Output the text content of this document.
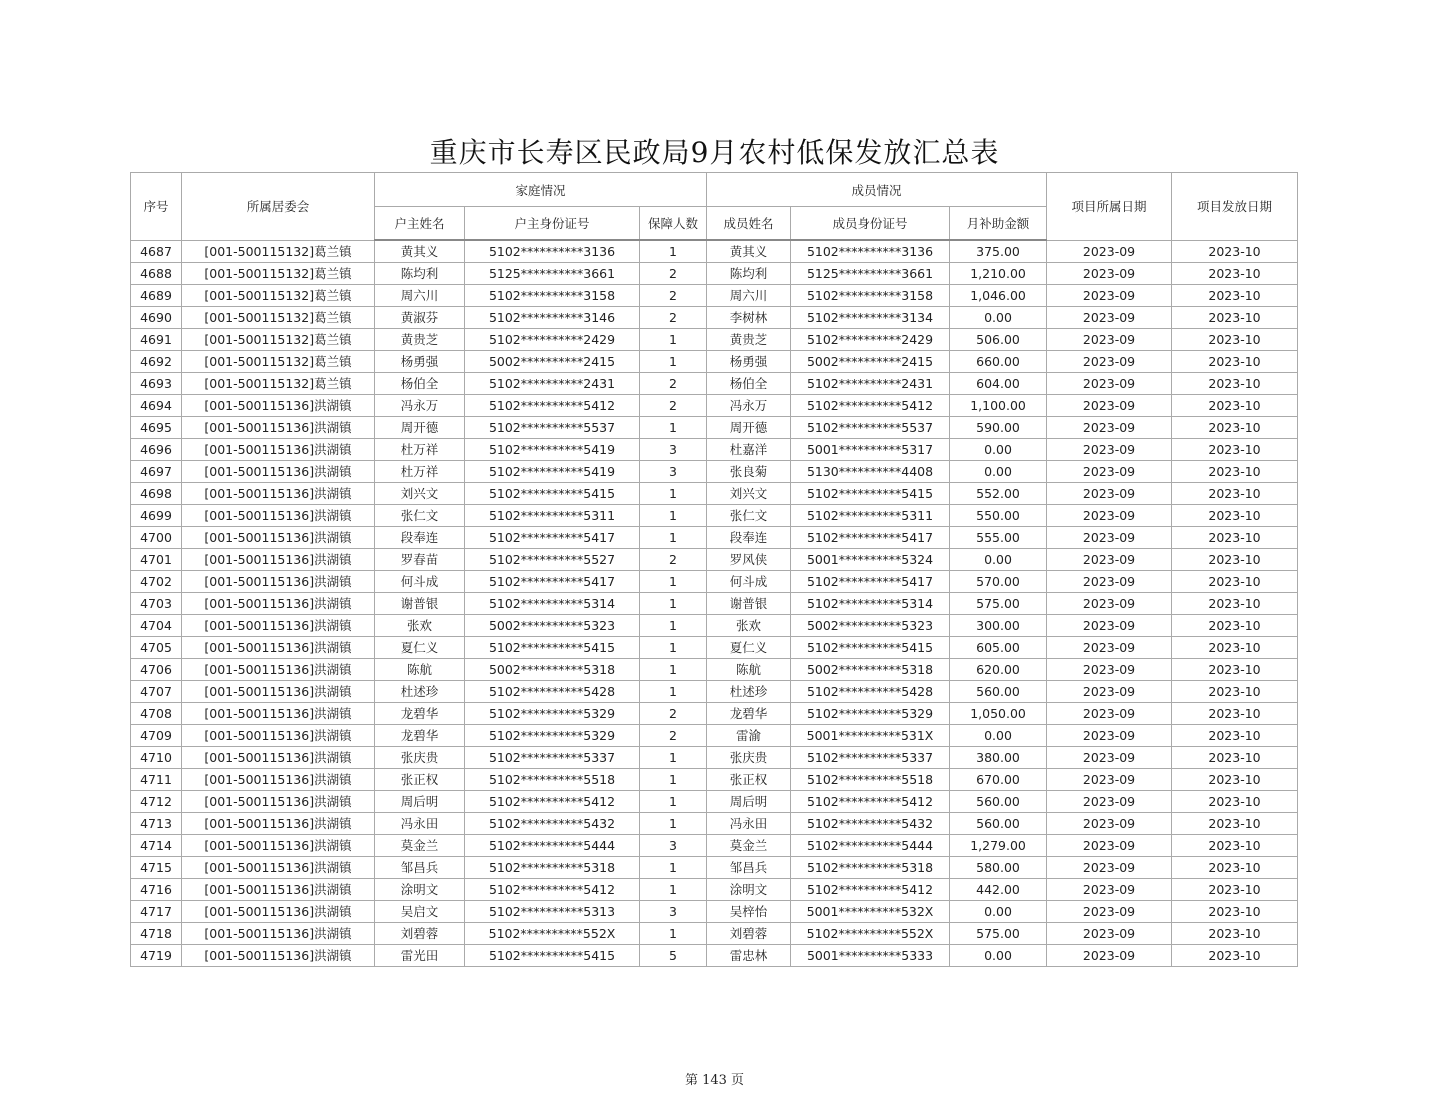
重庆市长寿区民政局9月农村低保发放汇总表
序号	所属居委会	家庭情况			成员情况			项目所属日期	项目发放日期
		户主姓名	户主身份证号	保障人数	成员姓名	成员身份证号	月补助金额		
4687	[001-500115132]葛兰镇	黄其义	5102**********3136	1	黄其义	5102**********3136	375.00	2023-09	2023-10
4688	[001-500115132]葛兰镇	陈均利	5125**********3661	2	陈均利	5125**********3661	1,210.00	2023-09	2023-10
4689	[001-500115132]葛兰镇	周六川	5102**********3158	2	周六川	5102**********3158	1,046.00	2023-09	2023-10
4690	[001-500115132]葛兰镇	黄淑芬	5102**********3146	2	李树林	5102**********3134	0.00	2023-09	2023-10
4691	[001-500115132]葛兰镇	黄贵芝	5102**********2429	1	黄贵芝	5102**********2429	506.00	2023-09	2023-10
4692	[001-500115132]葛兰镇	杨勇强	5002**********2415	1	杨勇强	5002**********2415	660.00	2023-09	2023-10
4693	[001-500115132]葛兰镇	杨伯全	5102**********2431	2	杨伯全	5102**********2431	604.00	2023-09	2023-10
4694	[001-500115136]洪湖镇	冯永万	5102**********5412	2	冯永万	5102**********5412	1,100.00	2023-09	2023-10
4695	[001-500115136]洪湖镇	周开德	5102**********5537	1	周开德	5102**********5537	590.00	2023-09	2023-10
4696	[001-500115136]洪湖镇	杜万祥	5102**********5419	3	杜嘉洋	5001**********5317	0.00	2023-09	2023-10
4697	[001-500115136]洪湖镇	杜万祥	5102**********5419	3	张良菊	5130**********4408	0.00	2023-09	2023-10
4698	[001-500115136]洪湖镇	刘兴文	5102**********5415	1	刘兴文	5102**********5415	552.00	2023-09	2023-10
4699	[001-500115136]洪湖镇	张仁文	5102**********5311	1	张仁文	5102**********5311	550.00	2023-09	2023-10
4700	[001-500115136]洪湖镇	段奉连	5102**********5417	1	段奉连	5102**********5417	555.00	2023-09	2023-10
4701	[001-500115136]洪湖镇	罗春苗	5102**********5527	2	罗风侠	5001**********5324	0.00	2023-09	2023-10
4702	[001-500115136]洪湖镇	何斗成	5102**********5417	1	何斗成	5102**********5417	570.00	2023-09	2023-10
4703	[001-500115136]洪湖镇	谢普银	5102**********5314	1	谢普银	5102**********5314	575.00	2023-09	2023-10
4704	[001-500115136]洪湖镇	张欢	5002**********5323	1	张欢	5002**********5323	300.00	2023-09	2023-10
4705	[001-500115136]洪湖镇	夏仁义	5102**********5415	1	夏仁义	5102**********5415	605.00	2023-09	2023-10
4706	[001-500115136]洪湖镇	陈航	5002**********5318	1	陈航	5002**********5318	620.00	2023-09	2023-10
4707	[001-500115136]洪湖镇	杜述珍	5102**********5428	1	杜述珍	5102**********5428	560.00	2023-09	2023-10
4708	[001-500115136]洪湖镇	龙碧华	5102**********5329	2	龙碧华	5102**********5329	1,050.00	2023-09	2023-10
4709	[001-500115136]洪湖镇	龙碧华	5102**********5329	2	雷渝	5001**********531X	0.00	2023-09	2023-10
4710	[001-500115136]洪湖镇	张庆贵	5102**********5337	1	张庆贵	5102**********5337	380.00	2023-09	2023-10
4711	[001-500115136]洪湖镇	张正权	5102**********5518	1	张正权	5102**********5518	670.00	2023-09	2023-10
4712	[001-500115136]洪湖镇	周后明	5102**********5412	1	周后明	5102**********5412	560.00	2023-09	2023-10
4713	[001-500115136]洪湖镇	冯永田	5102**********5432	1	冯永田	5102**********5432	560.00	2023-09	2023-10
4714	[001-500115136]洪湖镇	莫金兰	5102**********5444	3	莫金兰	5102**********5444	1,279.00	2023-09	2023-10
4715	[001-500115136]洪湖镇	邹昌兵	5102**********5318	1	邹昌兵	5102**********5318	580.00	2023-09	2023-10
4716	[001-500115136]洪湖镇	涂明文	5102**********5412	1	涂明文	5102**********5412	442.00	2023-09	2023-10
4717	[001-500115136]洪湖镇	吴启文	5102**********5313	3	吴梓怡	5001**********532X	0.00	2023-09	2023-10
4718	[001-500115136]洪湖镇	刘碧蓉	5102**********552X	1	刘碧蓉	5102**********552X	575.00	2023-09	2023-10
4719	[001-500115136]洪湖镇	雷光田	5102**********5415	5	雷忠林	5001**********5333	0.00	2023-09	2023-10
第 143 页
